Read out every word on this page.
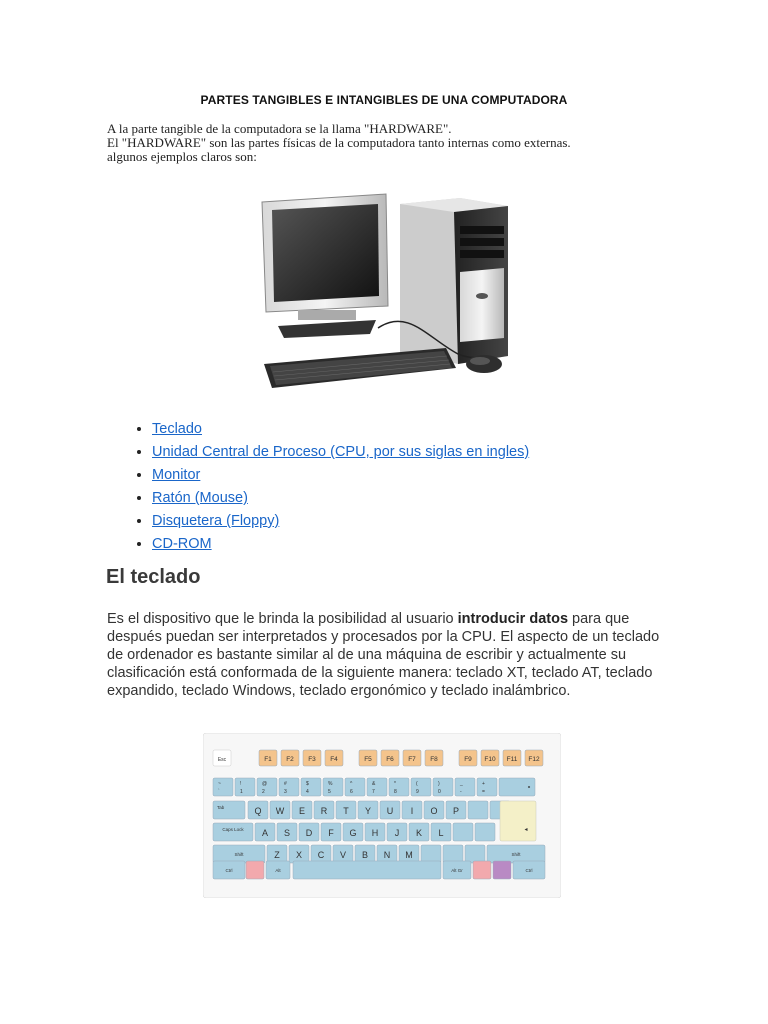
PARTES TANGIBLES E INTANGIBLES DE UNA COMPUTADORA
A la parte tangible de la computadora se la llama "HARDWARE".
El "HARDWARE" son las partes físicas de la computadora tanto internas como externas.
algunos ejemplos claros son:
• Teclado
• Unidad Central de Proceso (CPU, por sus siglas en ingles)
• Monitor
• Ratón (Mouse)
• Disquetera (Floppy)
• CD-ROM
El teclado

Es el dispositivo que le brinda la posibilidad al usuario introducir datos para que después puedan ser interpretados y procesados por la CPU. El aspecto de un teclado de ordenador es bastante similar al de una máquina de escribir y actualmente su clasificación está conformada de la siguiente manera: teclado XT, teclado AT, teclado expandido, teclado Windows, teclado ergonómico y teclado inalámbrico.

Esc	F1 F2 F3 F4	F5 F6 F7 F8	F9 F10 F11 F12
~
`
!
1
@
2
#
3
$
4
%
5
^
6
&
7
*
8
(
9
)
0
_
-
+
=
⬩
Tab	Q W E R T Y U I O P
◂
Caps Lock A S D F G H J K L
Shift	Z X C V B N M	Shift
Ctrl	Alt	Alt Gr	Ctrl
